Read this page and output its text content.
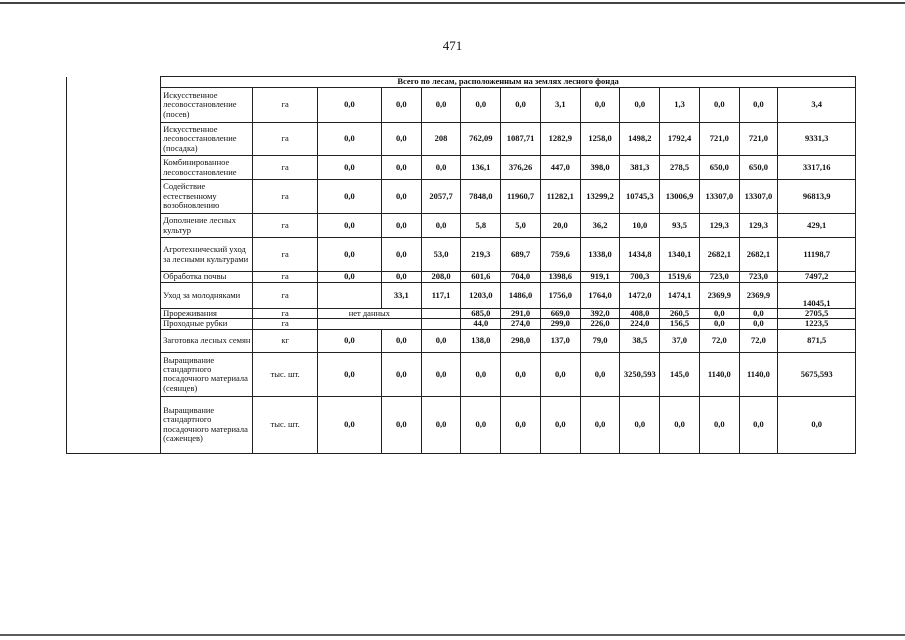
471
	Всего по лесам, расположенным на землях лесного фонда													
	Искусственное лесовосстановление (посев)	га	0,0	0,0	0,0	0,0	0,0	3,1	0,0	0,0	1,3	0,0	0,0	3,4
	Искусственное лесовосстановление (посадка)	га	0,0	0,0	208	762,09	1087,71	1282,9	1258,0	1498,2	1792,4	721,0	721,0	9331,3
	Комбинированное лесовосстановление	га	0,0	0,0	0,0	136,1	376,26	447,0	398,0	381,3	278,5	650,0	650,0	3317,16
	Содействие естественному возобновлению	га	0,0	0,0	2057,7	7848,0	11960,7	11282,1	13299,2	10745,3	13006,9	13307,0	13307,0	96813,9
	Дополнение лесных культур	га	0,0	0,0	0,0	5,8	5,0	20,0	36,2	10,0	93,5	129,3	129,3	429,1
	Агротехнический уход за лесными культурами	га	0,0	0,0	53,0	219,3	689,7	759,6	1338,0	1434,8	1340,1	2682,1	2682,1	11198,7
	Обработка почвы	га	0,0	0,0	208,0	601,6	704,0	1398,6	919,1	700,3	1519,6	723,0	723,0	7497,2
	Уход за молодняками	га		33,1	117,1	1203,0	1486,0	1756,0	1764,0	1472,0	1474,1	2369,9	2369,9	14045,1
	Прореживания	га	нет данных			685,0	291,0	669,0	392,0	408,0	260,5	0,0	0,0	2705,5
	Проходные рубки	га				44,0	274,0	299,0	226,0	224,0	156,5	0,0	0,0	1223,5
	Заготовка лесных семян	кг	0,0	0,0	0,0	138,0	298,0	137,0	79,0	38,5	37,0	72,0	72,0	871,5
	Выращивание стандартного посадочного материала (сеянцев)	тыс. шт.	0,0	0,0	0,0	0,0	0,0	0,0	0,0	3250,593	145,0	1140,0	1140,0	5675,593
	Выращивание стандартного посадочного материала (саженцев)	тыс. шт.	0,0	0,0	0,0	0,0	0,0	0,0	0,0	0,0	0,0	0,0	0,0	0,0
